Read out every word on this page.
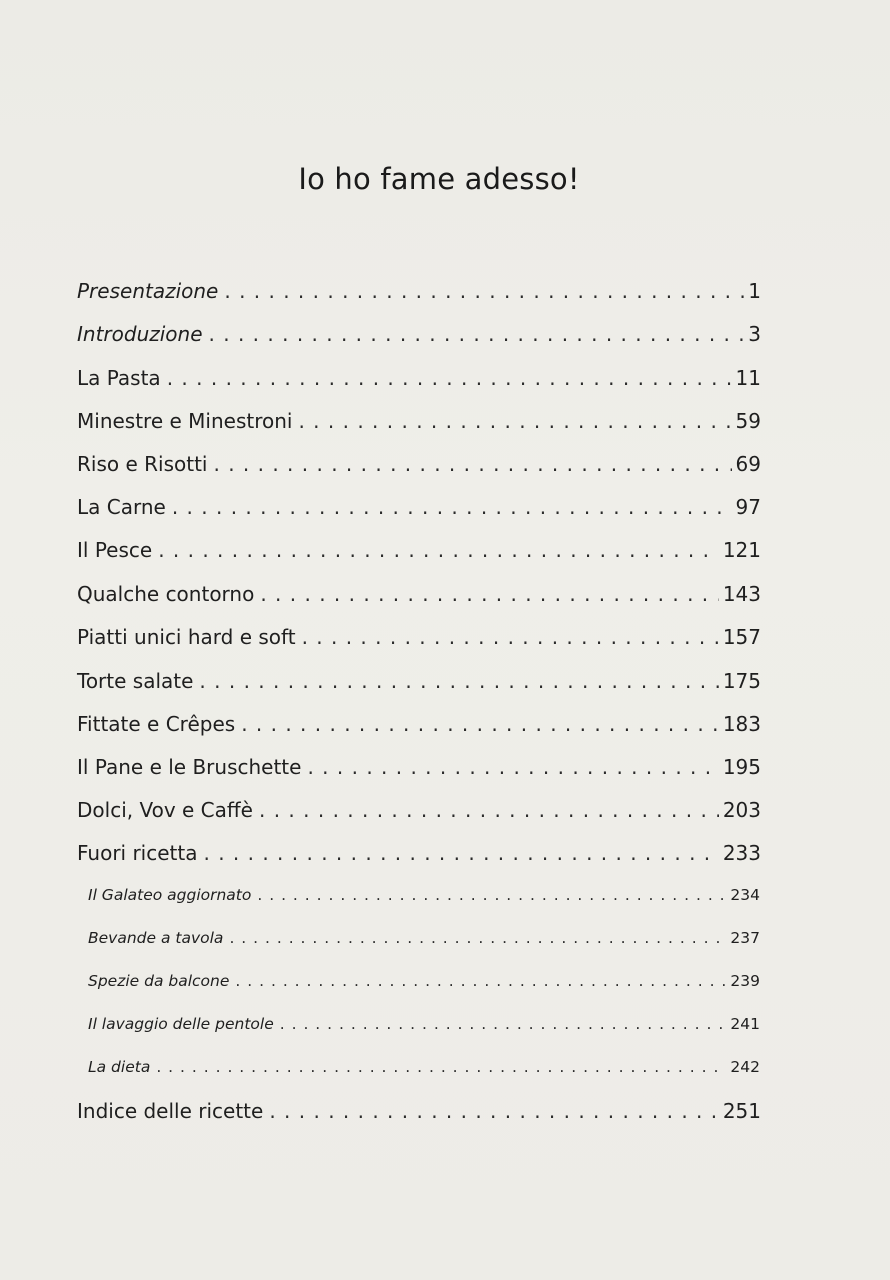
Io ho fame adesso!
Presentazione . . .	1
Introduzione . . .	3
La Pasta . . .	11
Minestre e Minestroni . . .	59
Riso e Risotti . . .	69
La Carne . . .	97
Il Pesce . . .	121
Qualche contorno . . .	143
Piatti unici hard e soft . . .	157
Torte salate . . .	175
Fittate e Crêpes . . .	183
Il Pane e le Bruschette . . .	195
Dolci, Vov e Caffè . . .	203
Fuori ricetta . . .	233
Il Galateo aggiornato . . .	234
Bevande a tavola . . .	237
Spezie da balcone . . .	239
Il lavaggio delle pentole . . .	241
La dieta . . .	242
Indice delle ricette . . .	251
